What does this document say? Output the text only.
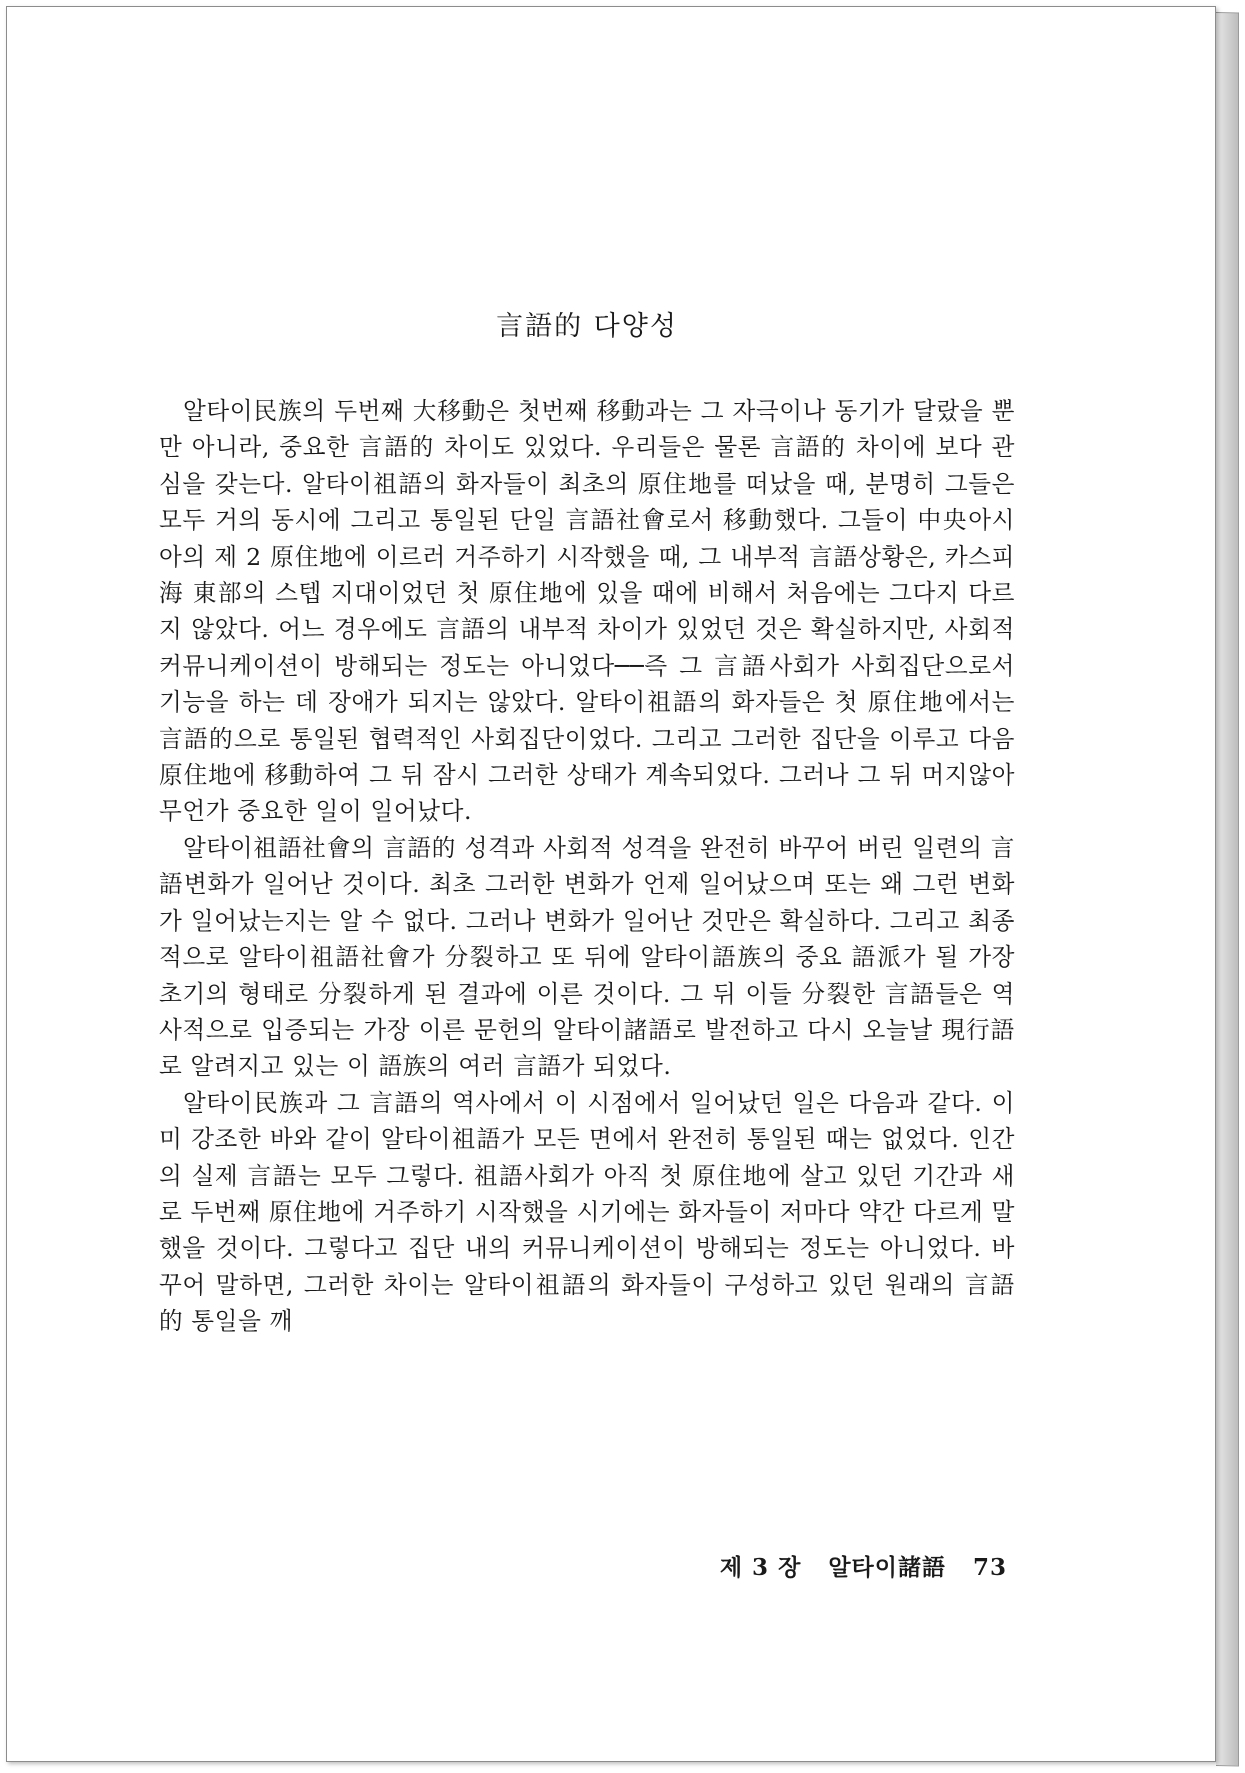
言語的 다양성

알타이民族의 두번째 大移動은 첫번째 移動과는 그 자극이나 동기가 달랐을 뿐만 아니라, 중요한 言語的 차이도 있었다. 우리들은 물론 言語的 차이에 보다 관심을 갖는다. 알타이祖語의 화자들이 최초의 原住地를 떠났을 때, 분명히 그들은 모두 거의 동시에 그리고 통일된 단일 言語社會로서 移動했다. 그들이 中央아시아의 제 2 原住地에 이르러 거주하기 시작했을 때, 그 내부적 言語상황은, 카스피海 東部의 스텝 지대이었던 첫 原住地에 있을 때에 비해서 처음에는 그다지 다르지 않았다. 어느 경우에도 言語의 내부적 차이가 있었던 것은 확실하지만, 사회적 커뮤니케이션이 방해되는 정도는 아니었다──즉 그 言語사회가 사회집단으로서 기능을 하는 데 장애가 되지는 않았다. 알타이祖語의 화자들은 첫 原住地에서는 言語的으로 통일된 협력적인 사회집단이었다. 그리고 그러한 집단을 이루고 다음 原住地에 移動하여 그 뒤 잠시 그러한 상태가 계속되었다. 그러나 그 뒤 머지않아 무언가 중요한 일이 일어났다.

알타이祖語社會의 言語的 성격과 사회적 성격을 완전히 바꾸어 버린 일련의 言語변화가 일어난 것이다. 최초 그러한 변화가 언제 일어났으며 또는 왜 그런 변화가 일어났는지는 알 수 없다. 그러나 변화가 일어난 것만은 확실하다. 그리고 최종적으로 알타이祖語社會가 分裂하고 또 뒤에 알타이語族의 중요 語派가 될 가장 초기의 형태로 分裂하게 된 결과에 이른 것이다. 그 뒤 이들 分裂한 言語들은 역사적으로 입증되는 가장 이른 문헌의 알타이諸語로 발전하고 다시 오늘날 現行語로 알려지고 있는 이 語族의 여러 言語가 되었다.

알타이民族과 그 言語의 역사에서 이 시점에서 일어났던 일은 다음과 같다. 이미 강조한 바와 같이 알타이祖語가 모든 면에서 완전히 통일된 때는 없었다. 인간의 실제 言語는 모두 그렇다. 祖語사회가 아직 첫 原住地에 살고 있던 기간과 새로 두번째 原住地에 거주하기 시작했을 시기에는 화자들이 저마다 약간 다르게 말했을 것이다. 그렇다고 집단 내의 커뮤니케이션이 방해되는 정도는 아니었다. 바꾸어 말하면, 그러한 차이는 알타이祖語의 화자들이 구성하고 있던 원래의 言語的 통일을 깨

제 3 장 알타이諸語 73
